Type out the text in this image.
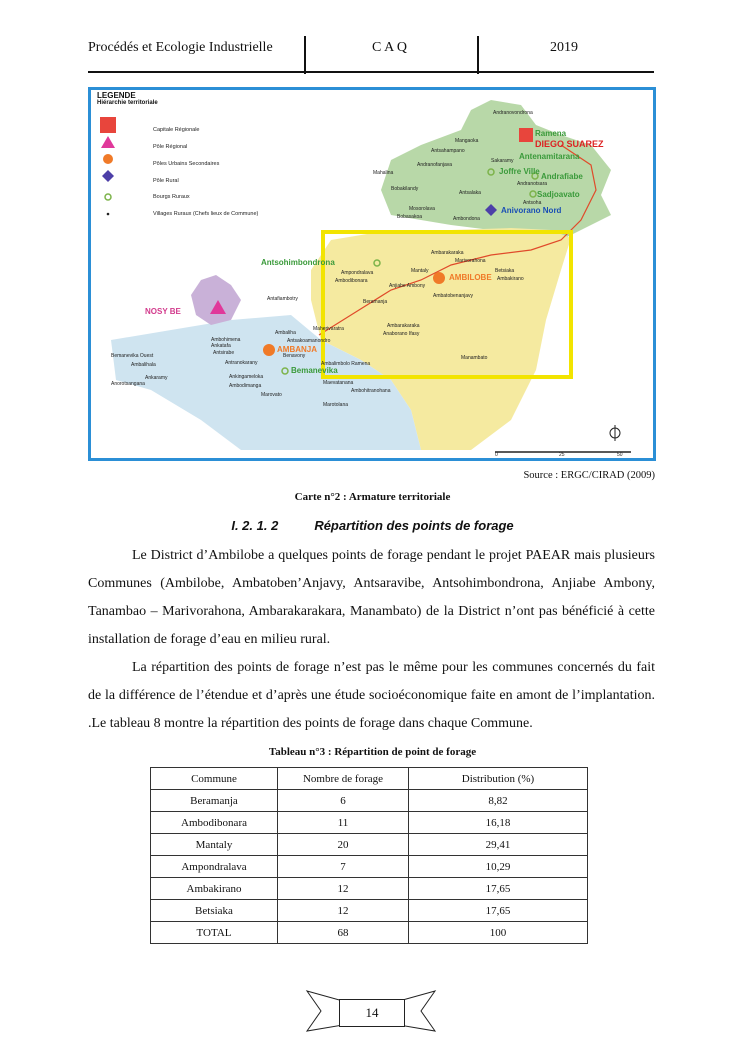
Procédés et Ecologie Industrielle	C A Q	2019
LEGENDE
Hiérarchie territoriale
Capitale Régionale
Pôle Régional
Pôles Urbains Secondaires
Pôle Rural
Bourgs Ruraux
Villages Ruraux (Chefs lieux de Commune)
Ramena
DIEGO SUAREZ
Antenamitarana
Andrafiabe
Joffre Ville
Sadjoavato
Anivorano Nord
Antsohimbondrona
AMBILOBE
NOSY BE
AMBANJA
Bemanevika
Andranovondrona
Mangaoka
Antsahampano
Sakaramy
Andranofanjava
Mahalina
Bobakilandy
Antsalaka
Andranotsara
Antsoha
Mosorolava
Bobasakoa	Ambondona
Ambarakaraka
Marivorahona
Ampondralava	Mantaly	Betsiaka
Ambodibonara
Anjiabe Ambony
Ambakirano
Ambatobenanjavy
Beramanja
Antafiambotry
Maherivaratra	Ambarakaraka
Anaborano Ifasy
Manambato
Ambohimena
Ankatafa
Antsirabe
Bemanevika Ouest
Ambalihala	Antranokarany
Ankaramy
Anorotsangana
Ankingameloka
Ambodimanga
Marovato
Ambaliha
Antsakoamanondro
Benavony
Ambalimbolo Ramena
Maevatanana
Ambohitranohana
Marotolana
0	25	50
Source : ERGC/CIRAD (2009)
Carte n°2 : Armature territoriale
I. 2. 1. 2	Répartition des points de forage
Le District d’Ambilobe a quelques points de forage pendant le projet PAEAR mais plusieurs Communes (Ambilobe, Ambatoben’Anjavy, Antsaravibe, Antsohimbondrona, Anjiabe Ambony, Tanambao – Marivorahona, Ambarakarakara, Manambato) de la District n’ont pas bénéficié à cette installation de forage d’eau en milieu rural.
La répartition des points de forage n’est pas le même pour les communes concernés du fait de la différence de l’étendue et d’après une étude socioéconomique faite en amont de l’implantation. .Le tableau 8 montre la répartition des points de forage dans chaque Commune.
Tableau n°3 : Répartition de point de forage
Commune	Nombre de forage	Distribution (%)
Beramanja	6	8,82
Ambodibonara	11	16,18
Mantaly	20	29,41
Ampondralava	7	10,29
Ambakirano	12	17,65
Betsiaka	12	17,65
TOTAL	68	100
14
